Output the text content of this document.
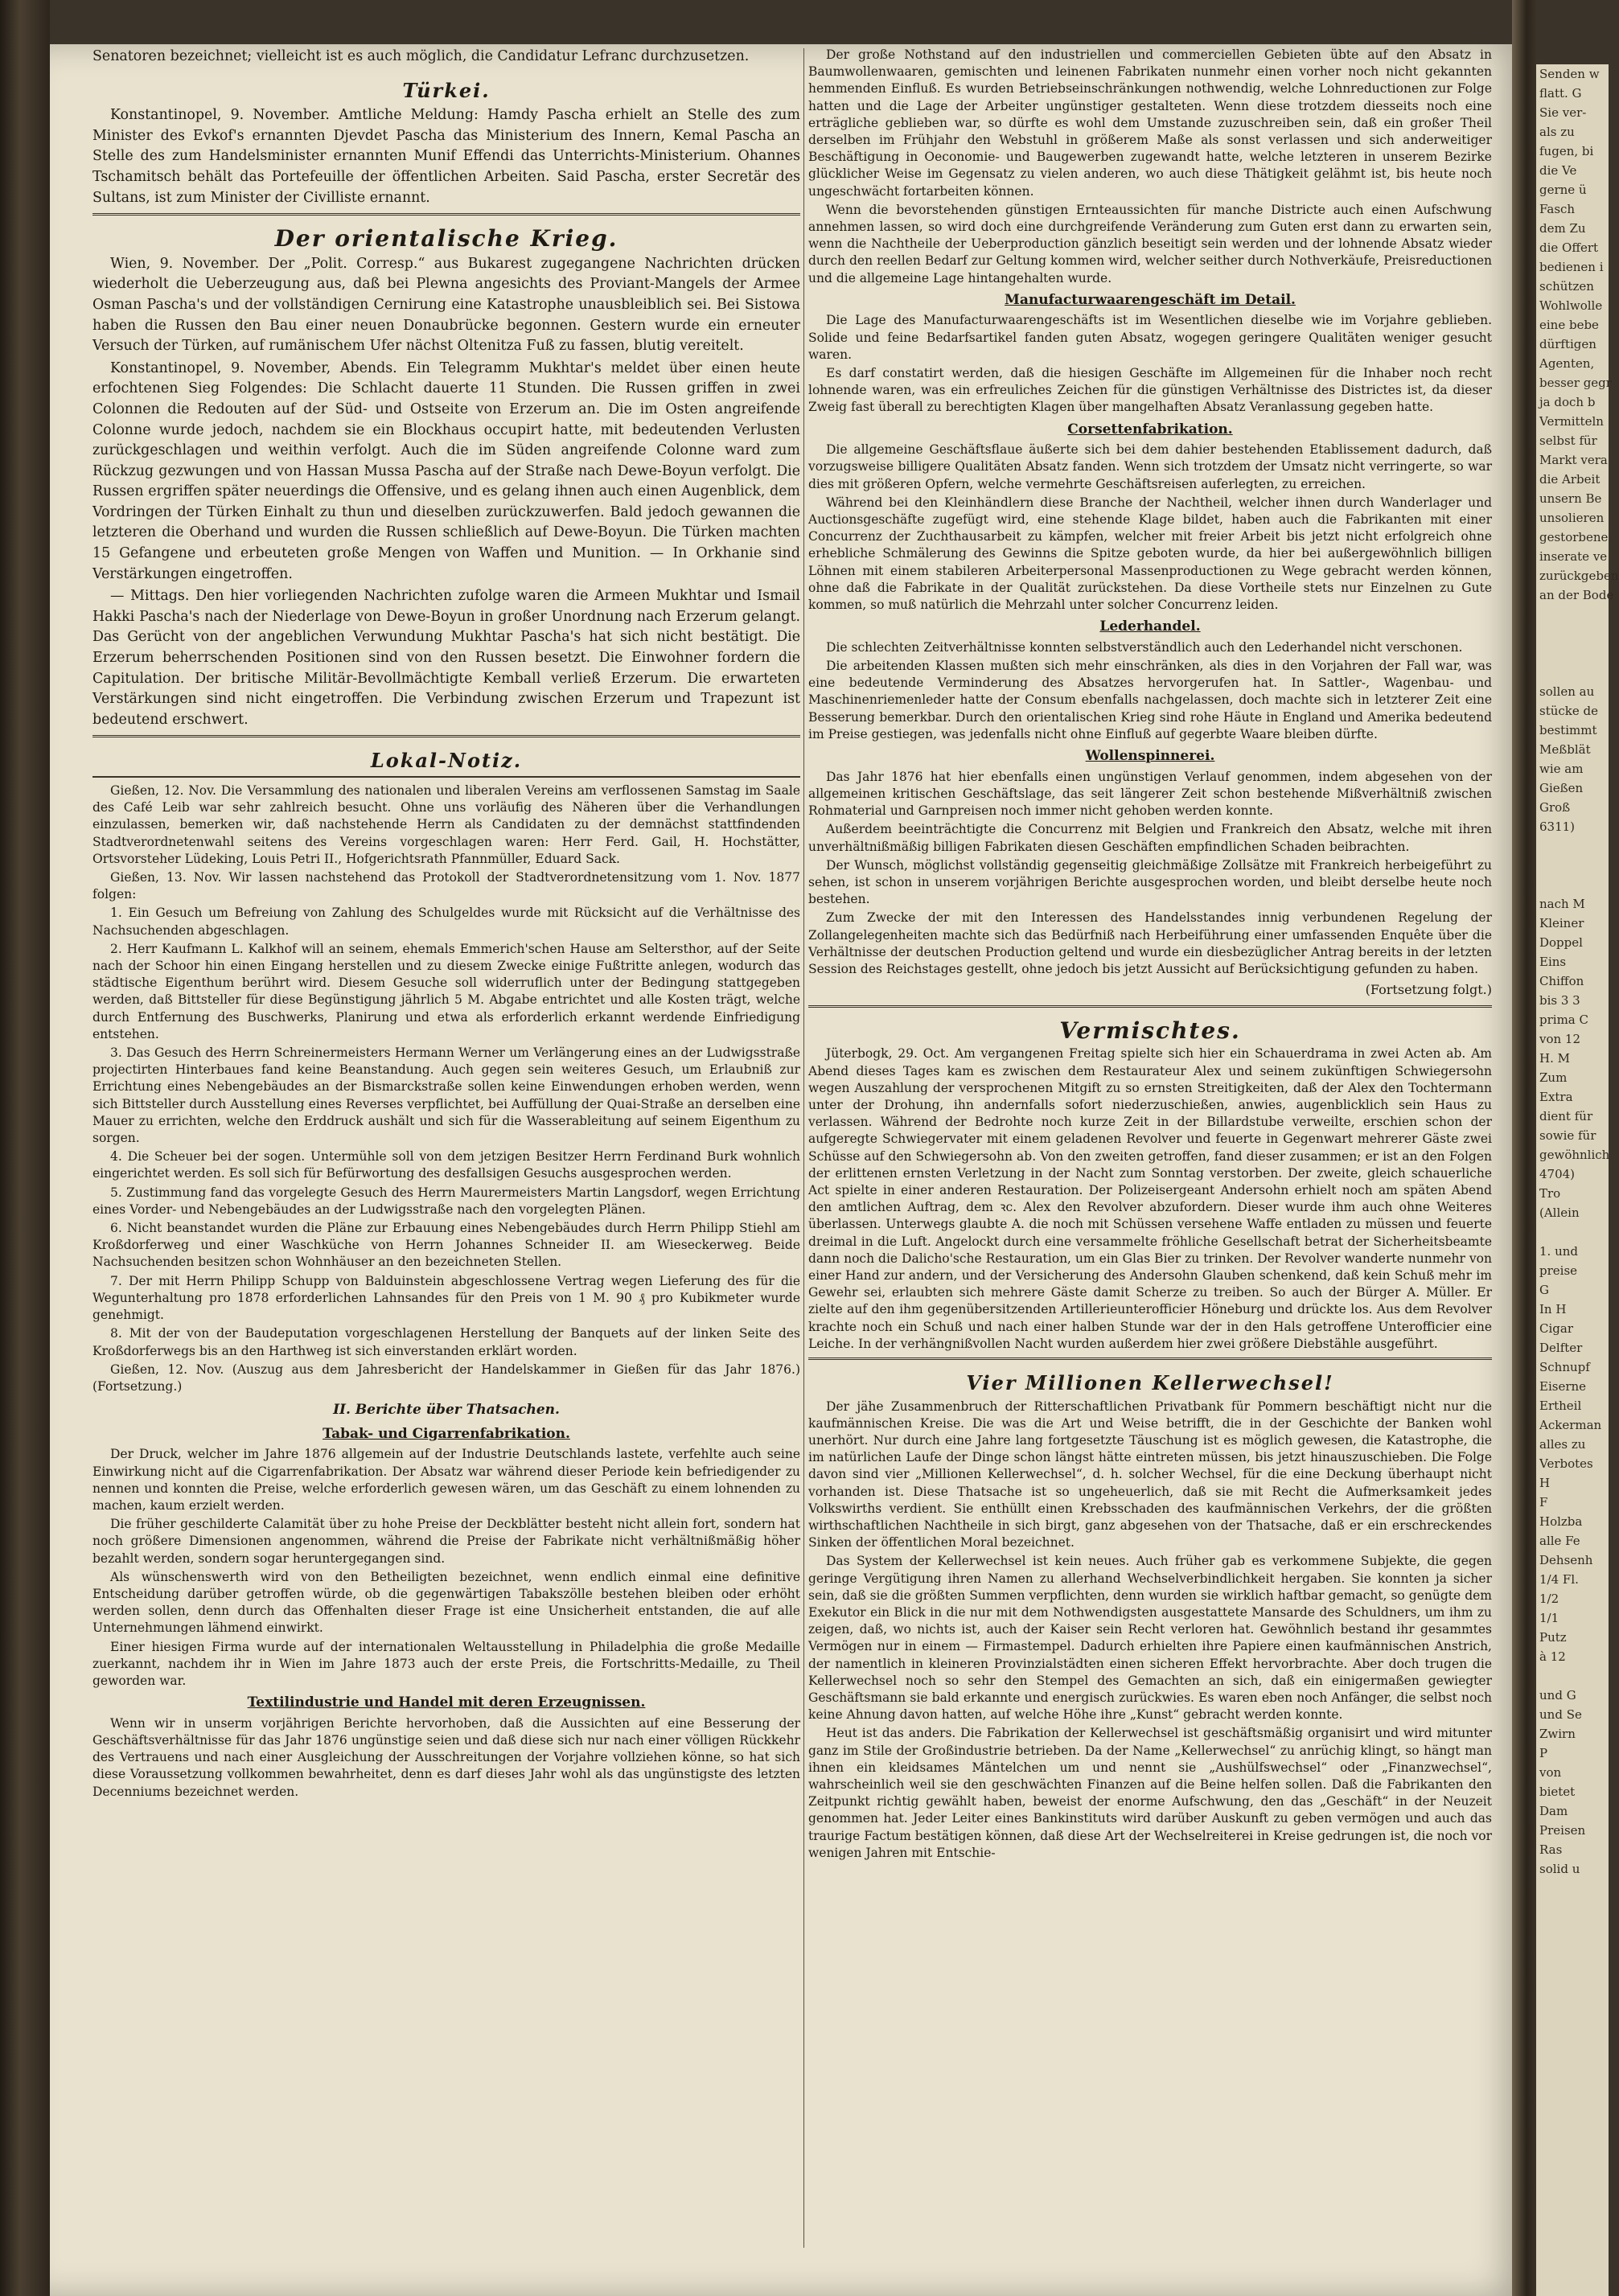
Senatoren bezeichnet; vielleicht ist es auch möglich, die Candidatur Lefranc durchzusetzen.

Türkei.

Konstantinopel, 9. November. Amtliche Meldung: Hamdy Pascha erhielt an Stelle des zum Minister des Evkof's ernannten Djevdet Pascha das Ministerium des Innern, Kemal Pascha an Stelle des zum Handelsminister ernannten Munif Effendi das Unterrichts-Ministerium. Ohannes Tschamitsch behält das Portefeuille der öffentlichen Arbeiten. Said Pascha, erster Secretär des Sultans, ist zum Minister der Civilliste ernannt.

Der orientalische Krieg.

Wien, 9. November. Der „Polit. Corresp.“ aus Bukarest zugegangene Nachrichten drücken wiederholt die Ueberzeugung aus, daß bei Plewna angesichts des Proviant-Mangels der Armee Osman Pascha's und der vollständigen Cernirung eine Katastrophe unausbleiblich sei. Bei Sistowa haben die Russen den Bau einer neuen Donaubrücke begonnen. Gestern wurde ein erneuter Versuch der Türken, auf rumänischem Ufer nächst Oltenitza Fuß zu fassen, blutig vereitelt.

Konstantinopel, 9. November, Abends. Ein Telegramm Mukhtar's meldet über einen heute erfochtenen Sieg Folgendes: Die Schlacht dauerte 11 Stunden. Die Russen griffen in zwei Colonnen die Redouten auf der Süd- und Ostseite von Erzerum an. Die im Osten angreifende Colonne wurde jedoch, nachdem sie ein Blockhaus occupirt hatte, mit bedeutenden Verlusten zurückgeschlagen und weithin verfolgt. Auch die im Süden angreifende Colonne ward zum Rückzug gezwungen und von Hassan Mussa Pascha auf der Straße nach Dewe-Boyun verfolgt. Die Russen ergriffen später neuerdings die Offensive, und es gelang ihnen auch einen Augenblick, dem Vordringen der Türken Einhalt zu thun und dieselben zurückzuwerfen. Bald jedoch gewannen die letzteren die Oberhand und wurden die Russen schließlich auf Dewe-Boyun. Die Türken machten 15 Gefangene und erbeuteten große Mengen von Waffen und Munition. — In Orkhanie sind Verstärkungen eingetroffen.

— Mittags. Den hier vorliegenden Nachrichten zufolge waren die Armeen Mukhtar und Ismail Hakki Pascha's nach der Niederlage von Dewe-Boyun in großer Unordnung nach Erzerum gelangt. Das Gerücht von der angeblichen Verwundung Mukhtar Pascha's hat sich nicht bestätigt. Die Erzerum beherrschenden Positionen sind von den Russen besetzt. Die Einwohner fordern die Capitulation. Der britische Militär-Bevollmächtigte Kemball verließ Erzerum. Die erwarteten Verstärkungen sind nicht eingetroffen. Die Verbindung zwischen Erzerum und Trapezunt ist bedeutend erschwert.

Lokal-Notiz.

Gießen, 12. Nov. Die Versammlung des nationalen und liberalen Vereins am verflossenen Samstag im Saale des Café Leib war sehr zahlreich besucht. Ohne uns vorläufig des Näheren über die Verhandlungen einzulassen, bemerken wir, daß nachstehende Herrn als Candidaten zu der demnächst stattfindenden Stadtverordnetenwahl seitens des Vereins vorgeschlagen waren: Herr Ferd. Gail, H. Hochstätter, Ortsvorsteher Lüdeking, Louis Petri II., Hofgerichtsrath Pfannmüller, Eduard Sack.

Gießen, 13. Nov. Wir lassen nachstehend das Protokoll der Stadtverordnetensitzung vom 1. Nov. 1877 folgen:

1. Ein Gesuch um Befreiung von Zahlung des Schulgeldes wurde mit Rücksicht auf die Verhältnisse des Nachsuchenden abgeschlagen.

2. Herr Kaufmann L. Kalkhof will an seinem, ehemals Emmerich'schen Hause am Seltersthor, auf der Seite nach der Schoor hin einen Eingang herstellen und zu diesem Zwecke einige Fußtritte anlegen, wodurch das städtische Eigenthum berührt wird. Diesem Gesuche soll widerruflich unter der Bedingung stattgegeben werden, daß Bittsteller für diese Begünstigung jährlich 5 M. Abgabe entrichtet und alle Kosten trägt, welche durch Entfernung des Buschwerks, Planirung und etwa als erforderlich erkannt werdende Einfriedigung entstehen.

3. Das Gesuch des Herrn Schreinermeisters Hermann Werner um Verlängerung eines an der Ludwigsstraße projectirten Hinterbaues fand keine Beanstandung. Auch gegen sein weiteres Gesuch, um Erlaubniß zur Errichtung eines Nebengebäudes an der Bismarckstraße sollen keine Einwendungen erhoben werden, wenn sich Bittsteller durch Ausstellung eines Reverses verpflichtet, bei Auffüllung der Quai-Straße an derselben eine Mauer zu errichten, welche den Erddruck aushält und sich für die Wasserableitung auf seinem Eigenthum zu sorgen.

4. Die Scheuer bei der sogen. Untermühle soll von dem jetzigen Besitzer Herrn Ferdinand Burk wohnlich eingerichtet werden. Es soll sich für Befürwortung des desfallsigen Gesuchs ausgesprochen werden.

5. Zustimmung fand das vorgelegte Gesuch des Herrn Maurermeisters Martin Langsdorf, wegen Errichtung eines Vorder- und Nebengebäudes an der Ludwigsstraße nach den vorgelegten Plänen.

6. Nicht beanstandet wurden die Pläne zur Erbauung eines Nebengebäudes durch Herrn Philipp Stiehl am Kroßdorferweg und einer Waschküche von Herrn Johannes Schneider II. am Wieseckerweg. Beide Nachsuchenden besitzen schon Wohnhäuser an den bezeichneten Stellen.

7. Der mit Herrn Philipp Schupp von Balduinstein abgeschlossene Vertrag wegen Lieferung des für die Wegunterhaltung pro 1878 erforderlichen Lahnsandes für den Preis von 1 M. 90 ₰ pro Kubikmeter wurde genehmigt.

8. Mit der von der Baudeputation vorgeschlagenen Herstellung der Banquets auf der linken Seite des Kroßdorferwegs bis an den Harthweg ist sich einverstanden erklärt worden.

Gießen, 12. Nov. (Auszug aus dem Jahresbericht der Handelskammer in Gießen für das Jahr 1876.) (Fortsetzung.)

II. Berichte über Thatsachen.
Tabak- und Cigarrenfabrikation.

Der Druck, welcher im Jahre 1876 allgemein auf der Industrie Deutschlands lastete, verfehlte auch seine Einwirkung nicht auf die Cigarrenfabrikation. Der Absatz war während dieser Periode kein befriedigender zu nennen und konnten die Preise, welche erforderlich gewesen wären, um das Geschäft zu einem lohnenden zu machen, kaum erzielt werden.

Die früher geschilderte Calamität über zu hohe Preise der Deckblätter besteht nicht allein fort, sondern hat noch größere Dimensionen angenommen, während die Preise der Fabrikate nicht verhältnißmäßig höher bezahlt werden, sondern sogar heruntergegangen sind.

Als wünschenswerth wird von den Betheiligten bezeichnet, wenn endlich einmal eine definitive Entscheidung darüber getroffen würde, ob die gegenwärtigen Tabakszölle bestehen bleiben oder erhöht werden sollen, denn durch das Offenhalten dieser Frage ist eine Unsicherheit entstanden, die auf alle Unternehmungen lähmend einwirkt.

Einer hiesigen Firma wurde auf der internationalen Weltausstellung in Philadelphia die große Medaille zuerkannt, nachdem ihr in Wien im Jahre 1873 auch der erste Preis, die Fortschritts-Medaille, zu Theil geworden war.

Textilindustrie und Handel mit deren Erzeugnissen.

Wenn wir in unserm vorjährigen Berichte hervorhoben, daß die Aussichten auf eine Besserung der Geschäftsverhältnisse für das Jahr 1876 ungünstige seien und daß diese sich nur nach einer völligen Rückkehr des Vertrauens und nach einer Ausgleichung der Ausschreitungen der Vorjahre vollziehen könne, so hat sich diese Voraussetzung vollkommen bewahrheitet, denn es darf dieses Jahr wohl als das ungünstigste des letzten Decenniums bezeichnet werden.

Der große Nothstand auf den industriellen und commerciellen Gebieten übte auf den Absatz in Baumwollenwaaren, gemischten und leinenen Fabrikaten nunmehr einen vorher noch nicht gekannten hemmenden Einfluß. Es wurden Betriebseinschränkungen nothwendig, welche Lohnreductionen zur Folge hatten und die Lage der Arbeiter ungünstiger gestalteten. Wenn diese trotzdem diesseits noch eine erträgliche geblieben war, so dürfte es wohl dem Umstande zuzuschreiben sein, daß ein großer Theil derselben im Frühjahr den Webstuhl in größerem Maße als sonst verlassen und sich anderweitiger Beschäftigung in Oeconomie- und Baugewerben zugewandt hatte, welche letzteren in unserem Bezirke glücklicher Weise im Gegensatz zu vielen anderen, wo auch diese Thätigkeit gelähmt ist, bis heute noch ungeschwächt fortarbeiten können.

Wenn die bevorstehenden günstigen Ernteaussichten für manche Districte auch einen Aufschwung annehmen lassen, so wird doch eine durchgreifende Veränderung zum Guten erst dann zu erwarten sein, wenn die Nachtheile der Ueberproduction gänzlich beseitigt sein werden und der lohnende Absatz wieder durch den reellen Bedarf zur Geltung kommen wird, welcher seither durch Nothverkäufe, Preisreductionen und die allgemeine Lage hintangehalten wurde.

Manufacturwaarengeschäft im Detail.

Die Lage des Manufacturwaarengeschäfts ist im Wesentlichen dieselbe wie im Vorjahre geblieben. Solide und feine Bedarfsartikel fanden guten Absatz, wogegen geringere Qualitäten weniger gesucht waren.

Es darf constatirt werden, daß die hiesigen Geschäfte im Allgemeinen für die Inhaber noch recht lohnende waren, was ein erfreuliches Zeichen für die günstigen Verhältnisse des Districtes ist, da dieser Zweig fast überall zu berechtigten Klagen über mangelhaften Absatz Veranlassung gegeben hatte.

Corsettenfabrikation.

Die allgemeine Geschäftsflaue äußerte sich bei dem dahier bestehenden Etablissement dadurch, daß vorzugsweise billigere Qualitäten Absatz fanden. Wenn sich trotzdem der Umsatz nicht verringerte, so war dies mit größeren Opfern, welche vermehrte Geschäftsreisen auferlegten, zu erreichen.

Während bei den Kleinhändlern diese Branche der Nachtheil, welcher ihnen durch Wanderlager und Auctionsgeschäfte zugefügt wird, eine stehende Klage bildet, haben auch die Fabrikanten mit einer Concurrenz der Zuchthausarbeit zu kämpfen, welcher mit freier Arbeit bis jetzt nicht erfolgreich ohne erhebliche Schmälerung des Gewinns die Spitze geboten wurde, da hier bei außergewöhnlich billigen Löhnen mit einem stabileren Arbeiterpersonal Massenproductionen zu Wege gebracht werden können, ohne daß die Fabrikate in der Qualität zurückstehen. Da diese Vortheile stets nur Einzelnen zu Gute kommen, so muß natürlich die Mehrzahl unter solcher Concurrenz leiden.

Lederhandel.

Die schlechten Zeitverhältnisse konnten selbstverständlich auch den Lederhandel nicht verschonen.

Die arbeitenden Klassen mußten sich mehr einschränken, als dies in den Vorjahren der Fall war, was eine bedeutende Verminderung des Absatzes hervorgerufen hat. In Sattler-, Wagenbau- und Maschinenriemenleder hatte der Consum ebenfalls nachgelassen, doch machte sich in letzterer Zeit eine Besserung bemerkbar. Durch den orientalischen Krieg sind rohe Häute in England und Amerika bedeutend im Preise gestiegen, was jedenfalls nicht ohne Einfluß auf gegerbte Waare bleiben dürfte.

Wollenspinnerei.

Das Jahr 1876 hat hier ebenfalls einen ungünstigen Verlauf genommen, indem abgesehen von der allgemeinen kritischen Geschäftslage, das seit längerer Zeit schon bestehende Mißverhältniß zwischen Rohmaterial und Garnpreisen noch immer nicht gehoben werden konnte.

Außerdem beeinträchtigte die Concurrenz mit Belgien und Frankreich den Absatz, welche mit ihren unverhältnißmäßig billigen Fabrikaten diesen Geschäften empfindlichen Schaden beibrachten.

Der Wunsch, möglichst vollständig gegenseitig gleichmäßige Zollsätze mit Frankreich herbeigeführt zu sehen, ist schon in unserem vorjährigen Berichte ausgesprochen worden, und bleibt derselbe heute noch bestehen.

Zum Zwecke der mit den Interessen des Handelsstandes innig verbundenen Regelung der Zollangelegenheiten machte sich das Bedürfniß nach Herbeiführung einer umfassenden Enquête über die Verhältnisse der deutschen Production geltend und wurde ein diesbezüglicher Antrag bereits in der letzten Session des Reichstages gestellt, ohne jedoch bis jetzt Aussicht auf Berücksichtigung gefunden zu haben.

(Fortsetzung folgt.)
Vermischtes.

Jüterbogk, 29. Oct. Am vergangenen Freitag spielte sich hier ein Schauerdrama in zwei Acten ab. Am Abend dieses Tages kam es zwischen dem Restaurateur Alex und seinem zukünftigen Schwiegersohn wegen Auszahlung der versprochenen Mitgift zu so ernsten Streitigkeiten, daß der Alex den Tochtermann unter der Drohung, ihn andernfalls sofort niederzuschießen, anwies, augenblicklich sein Haus zu verlassen. Während der Bedrohte noch kurze Zeit in der Billardstube verweilte, erschien schon der aufgeregte Schwiegervater mit einem geladenen Revolver und feuerte in Gegenwart mehrerer Gäste zwei Schüsse auf den Schwiegersohn ab. Von den zweiten getroffen, fand dieser zusammen; er ist an den Folgen der erlittenen ernsten Verletzung in der Nacht zum Sonntag verstorben. Der zweite, gleich schauerliche Act spielte in einer anderen Restauration. Der Polizeisergeant Andersohn erhielt noch am späten Abend den amtlichen Auftrag, dem ꝛc. Alex den Revolver abzufordern. Dieser wurde ihm auch ohne Weiteres überlassen. Unterwegs glaubte A. die noch mit Schüssen versehene Waffe entladen zu müssen und feuerte dreimal in die Luft. Angelockt durch eine versammelte fröhliche Gesellschaft betrat der Sicherheitsbeamte dann noch die Dalicho'sche Restauration, um ein Glas Bier zu trinken. Der Revolver wanderte nunmehr von einer Hand zur andern, und der Versicherung des Andersohn Glauben schenkend, daß kein Schuß mehr im Gewehr sei, erlaubten sich mehrere Gäste damit Scherze zu treiben. So auch der Bürger A. Müller. Er zielte auf den ihm gegenübersitzenden Artillerieunterofficier Höneburg und drückte los. Aus dem Revolver krachte noch ein Schuß und nach einer halben Stunde war der in den Hals getroffene Unterofficier eine Leiche. In der verhängnißvollen Nacht wurden außerdem hier zwei größere Diebstähle ausgeführt.

Vier Millionen Kellerwechsel!

Der jähe Zusammenbruch der Ritterschaftlichen Privatbank für Pommern beschäftigt nicht nur die kaufmännischen Kreise. Die was die Art und Weise betrifft, die in der Geschichte der Banken wohl unerhört. Nur durch eine Jahre lang fortgesetzte Täuschung ist es möglich gewesen, die Katastrophe, die im natürlichen Laufe der Dinge schon längst hätte eintreten müssen, bis jetzt hinauszuschieben. Die Folge davon sind vier „Millionen Kellerwechsel“, d. h. solcher Wechsel, für die eine Deckung überhaupt nicht vorhanden ist. Diese Thatsache ist so ungeheuerlich, daß sie mit Recht die Aufmerksamkeit jedes Volkswirths verdient. Sie enthüllt einen Krebsschaden des kaufmännischen Verkehrs, der die größten wirthschaftlichen Nachtheile in sich birgt, ganz abgesehen von der Thatsache, daß er ein erschreckendes Sinken der öffentlichen Moral bezeichnet.

Das System der Kellerwechsel ist kein neues. Auch früher gab es verkommene Subjekte, die gegen geringe Vergütigung ihren Namen zu allerhand Wechselverbindlichkeit hergaben. Sie konnten ja sicher sein, daß sie die größten Summen verpflichten, denn wurden sie wirklich haftbar gemacht, so genügte dem Exekutor ein Blick in die nur mit dem Nothwendigsten ausgestattete Mansarde des Schuldners, um ihm zu zeigen, daß, wo nichts ist, auch der Kaiser sein Recht verloren hat. Gewöhnlich bestand ihr gesammtes Vermögen nur in einem — Firmastempel. Dadurch erhielten ihre Papiere einen kaufmännischen Anstrich, der namentlich in kleineren Provinzialstädten einen sicheren Effekt hervorbrachte. Aber doch trugen die Kellerwechsel noch so sehr den Stempel des Gemachten an sich, daß ein einigermaßen gewiegter Geschäftsmann sie bald erkannte und energisch zurückwies. Es waren eben noch Anfänger, die selbst noch keine Ahnung davon hatten, auf welche Höhe ihre „Kunst“ gebracht werden konnte.

Heut ist das anders. Die Fabrikation der Kellerwechsel ist geschäftsmäßig organisirt und wird mitunter ganz im Stile der Großindustrie betrieben. Da der Name „Kellerwechsel“ zu anrüchig klingt, so hängt man ihnen ein kleidsames Mäntelchen um und nennt sie „Aushülfswechsel“ oder „Finanzwechsel“, wahrscheinlich weil sie den geschwächten Finanzen auf die Beine helfen sollen. Daß die Fabrikanten den Zeitpunkt richtig gewählt haben, beweist der enorme Aufschwung, den das „Geschäft“ in der Neuzeit genommen hat. Jeder Leiter eines Bankinstituts wird darüber Auskunft zu geben vermögen und auch das traurige Factum bestätigen können, daß diese Art der Wechselreiterei in Kreise gedrungen ist, die noch vor wenigen Jahren mit Entschie-

Senden w
flatt. G
Sie ver-
als zu
fugen, bi
die Ve
gerne ü
Fasch
dem Zu
die Offert
bedienen i
schützen
Wohlwolle
eine bebe
dürftigen
Agenten,
besser gegr
ja doch b
Vermitteln
selbst für
Markt vera
die Arbeit
unsern Be
unsolieren
gestorbene
inserate ve
zurückgeben
an der Bode

sollen au
stücke de
bestimmt
Meßblät
wie am
Gießen
Groß
6311)

nach M
Kleiner
Doppel
Eins
Chiffon
bis 3 3
prima C
von 12
H. M
Zum
Extra
dient für
sowie für
gewöhnlich
4704)
Tro
(Allein

1. und
preise
G
In H
Cigar
Delfter
Schnupf
Eiserne
Ertheil
Ackerman
alles zu
Verbotes
H
F
Holzba
alle Fe
Dehsenh
1/4 Fl.
1/2
1/1
Putz
à 12

und G
und Se
Zwirn
P
von
bietet
Dam
Preisen
Ras
solid u
